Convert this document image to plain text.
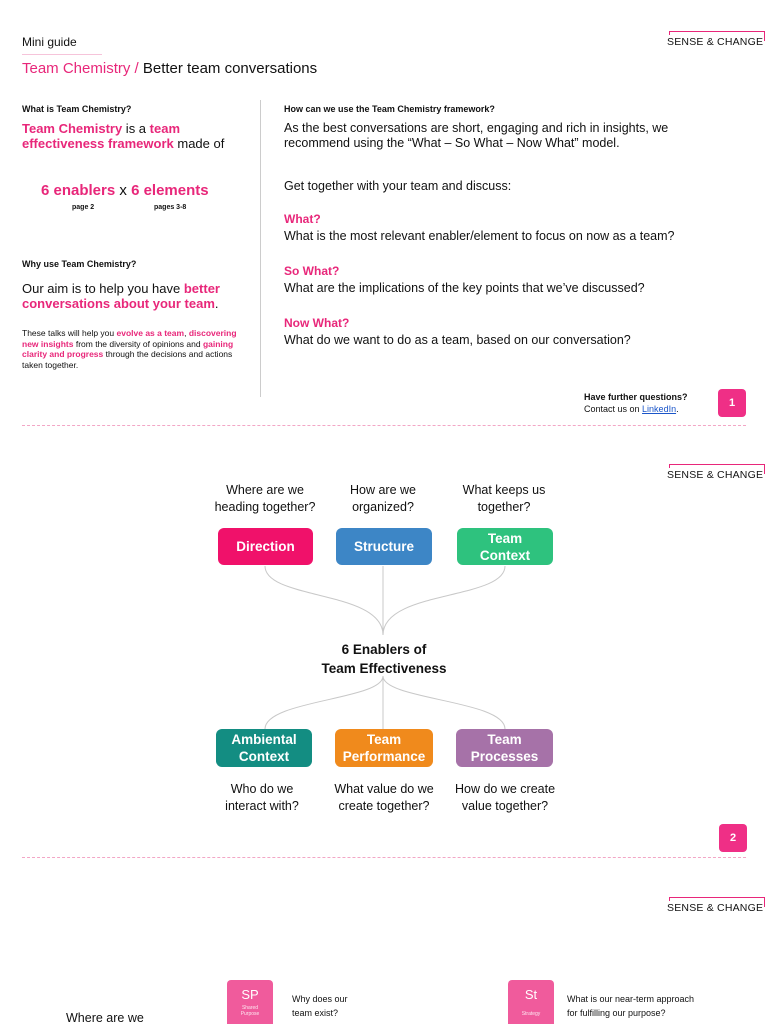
Mini guide
Team Chemistry / Better team conversations
SENSE & CHANGE
What is Team Chemistry?
Team Chemistry is a team effectiveness framework made of
6 enablers x 6 elements
page 2	pages 3-8
Why use Team Chemistry?
Our aim is to help you have better conversations about your team.
These talks will help you evolve as a team, discovering new insights from the diversity of opinions and gaining clarity and progress through the decisions and actions taken together.
How can we use the Team Chemistry framework?
As the best conversations are short, engaging and rich in insights, we recommend using the “What – So What – Now What” model.
Get together with your team and discuss:
What?
What is the most relevant enabler/element to focus on now as a team?
So What?
What are the implications of the key points that we’ve discussed?
Now What?
What do we want to do as a team, based on our conversation?
Have further questions?
Contact us on LinkedIn.	1
SENSE & CHANGE
Where are we
heading together?
How are we
organized?
What keeps us
together?
Direction	Structure
Team
Context
6 Enablers of
Team Effectiveness
Ambiental
Context
Team
Performance
Team
Processes
Who do we
interact with?
What value do we
create together?
How do we create
value together?
2
SENSE & CHANGE
Where are we
SP
Shared
Purpose
Why does our
team exist?
St
Strategy
What is our near-term approach
for fulfilling our purpose?
